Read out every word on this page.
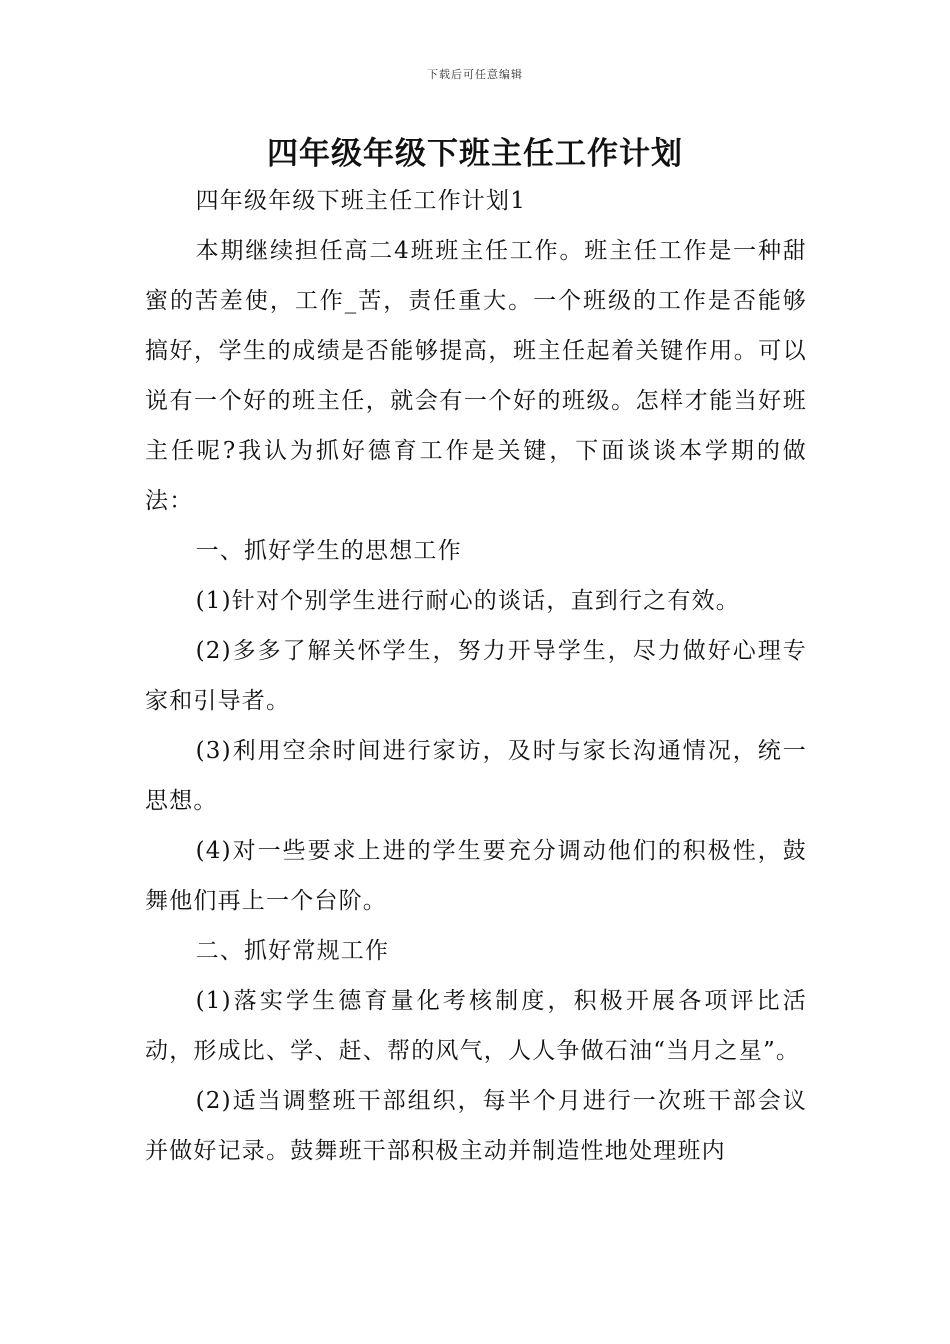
下载后可任意编辑
四年级年级下班主任工作计划

四年级年级下班主任工作计划1

本期继续担任高二4班班主任工作。班主任工作是一种甜蜜的苦差使，工作_苦，责任重大。一个班级的工作是否能够搞好，学生的成绩是否能够提高，班主任起着关键作用。可以说有一个好的班主任，就会有一个好的班级。怎样才能当好班主任呢?我认为抓好德育工作是关键，下面谈谈本学期的做法：

一、抓好学生的思想工作

(1)针对个别学生进行耐心的谈话，直到行之有效。

(2)多多了解关怀学生，努力开导学生，尽力做好心理专家和引导者。

(3)利用空余时间进行家访，及时与家长沟通情况，统一思想。

(4)对一些要求上进的学生要充分调动他们的积极性，鼓舞他们再上一个台阶。

二、抓好常规工作

(1)落实学生德育量化考核制度，积极开展各项评比活动，形成比、学、赶、帮的风气，人人争做石油“当月之星”。

(2)适当调整班干部组织，每半个月进行一次班干部会议并做好记录。鼓舞班干部积极主动并制造性地处理班内
